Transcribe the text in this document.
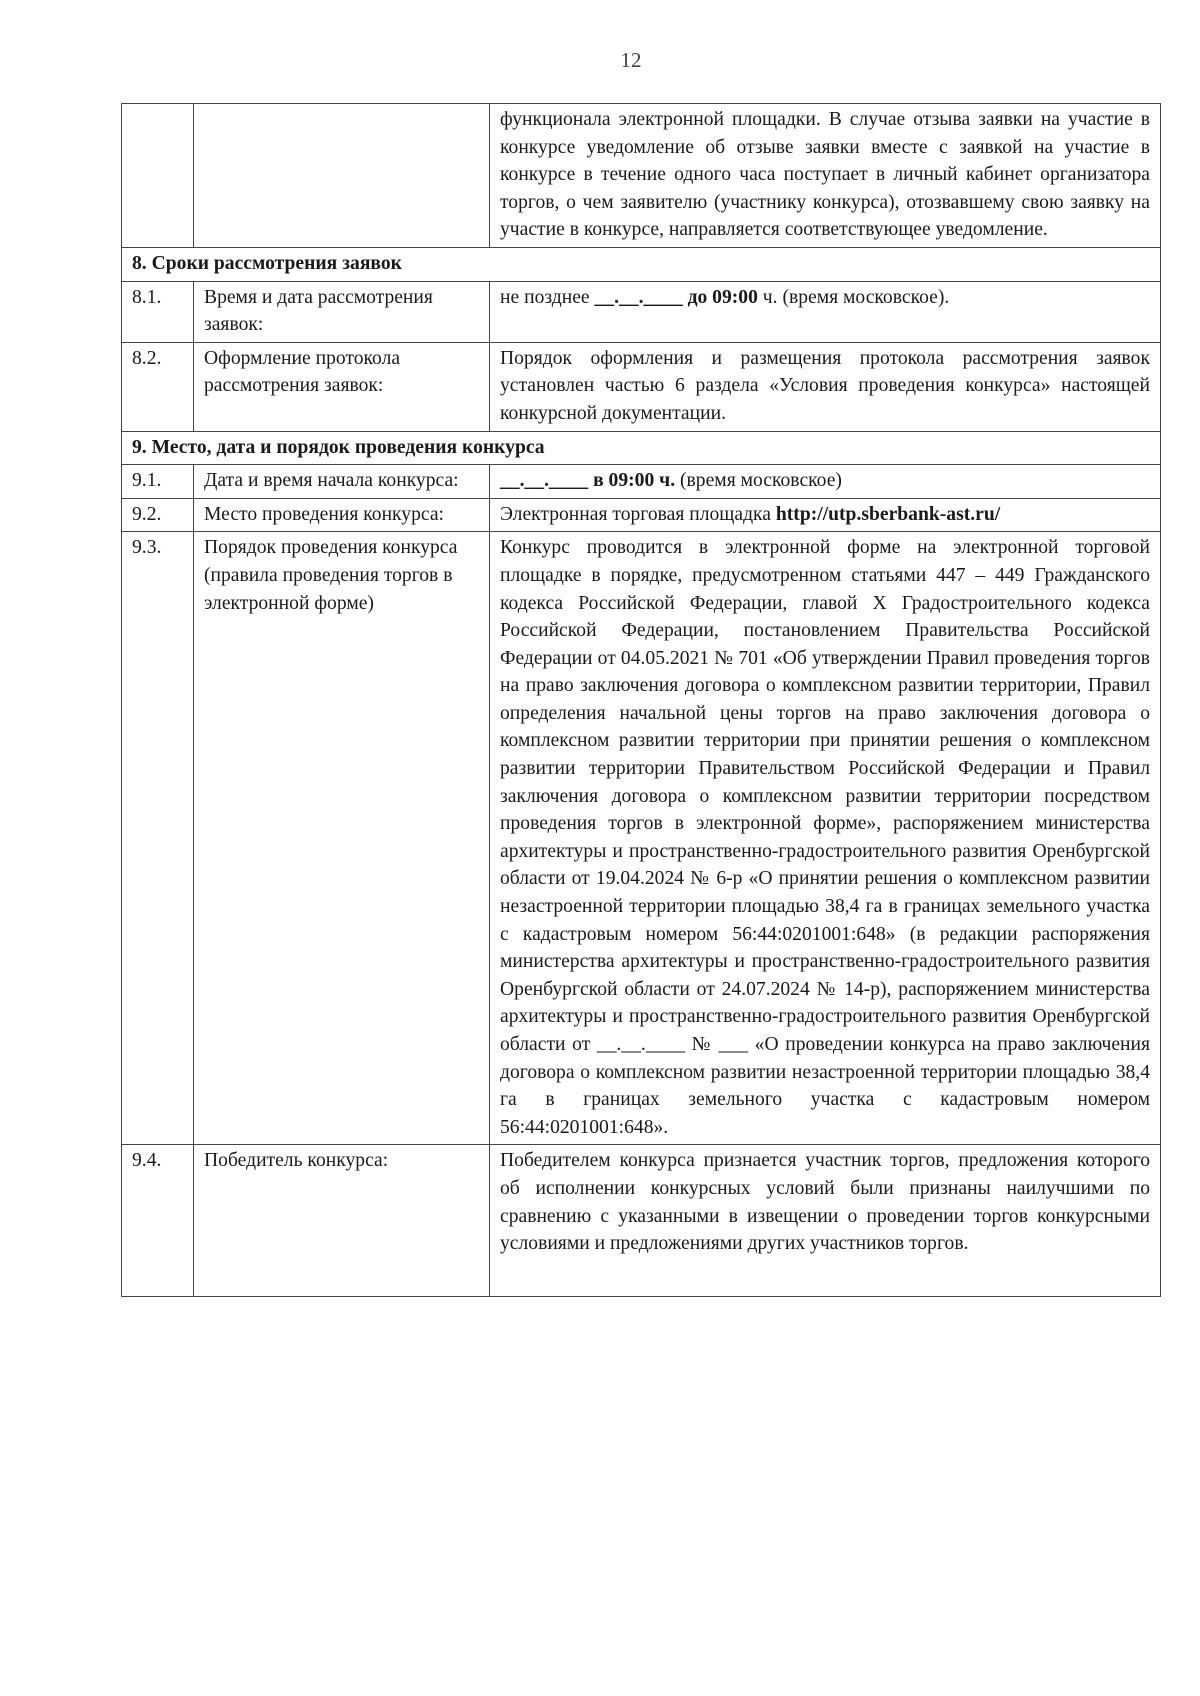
12
		функционала электронной площадки. В случае отзыва заявки на участие в конкурсе уведомление об отзыве заявки вместе с заявкой на участие в конкурсе в течение одного часа поступает в личный кабинет организатора торгов, о чем заявителю (участнику конкурса), отозвавшему свою заявку на участие в конкурсе, направляется соответствующее уведомление.
8. Сроки рассмотрения заявок		
8.1.	Время и дата рассмотрения заявок:	не позднее __.__.____ до 09:00 ч. (время московское).
8.2.	Оформление протокола рассмотрения заявок:	Порядок оформления и размещения протокола рассмотрения заявок установлен частью 6 раздела «Условия проведения конкурса» настоящей конкурсной документации.
9. Место, дата и порядок проведения конкурса		
9.1.	Дата и время начала конкурса:	__.__.____ в 09:00 ч. (время московское)
9.2.	Место проведения конкурса:	Электронная торговая площадка http://utp.sberbank-ast.ru/
9.3.	Порядок проведения конкурса (правила проведения торгов в электронной форме)	Конкурс проводится в электронной форме на электронной торговой площадке в порядке, предусмотренном статьями 447 – 449 Гражданского кодекса Российской Федерации, главой Х Градостроительного кодекса Российской Федерации, постановлением Правительства Российской Федерации от 04.05.2021 № 701 «Об утверждении Правил проведения торгов на право заключения договора о комплексном развитии территории, Правил определения начальной цены торгов на право заключения договора о комплексном развитии территории при принятии решения о комплексном развитии территории Правительством Российской Федерации и Правил заключения договора о комплексном развитии территории посредством проведения торгов в электронной форме», распоряжением министерства архитектуры и пространственно-градостроительного развития Оренбургской области от 19.04.2024 № 6-р «О принятии решения о комплексном развитии незастроенной территории площадью 38,4 га в границах земельного участка с кадастровым номером 56:44:0201001:648» (в редакции распоряжения министерства архитектуры и пространственно-градостроительного развития Оренбургской области от 24.07.2024 № 14-р), распоряжением министерства архитектуры и пространственно-градостроительного развития Оренбургской области от __.__.____ № ___ «О проведении конкурса на право заключения договора о комплексном развитии незастроенной территории площадью 38,4 га в границах земельного участка с кадастровым номером 56:44:0201001:648».
9.4.	Победитель конкурса:	Победителем конкурса признается участник торгов, предложения которого об исполнении конкурсных условий были признаны наилучшими по сравнению с указанными в извещении о проведении торгов конкурсными условиями и предложениями других участников торгов.
